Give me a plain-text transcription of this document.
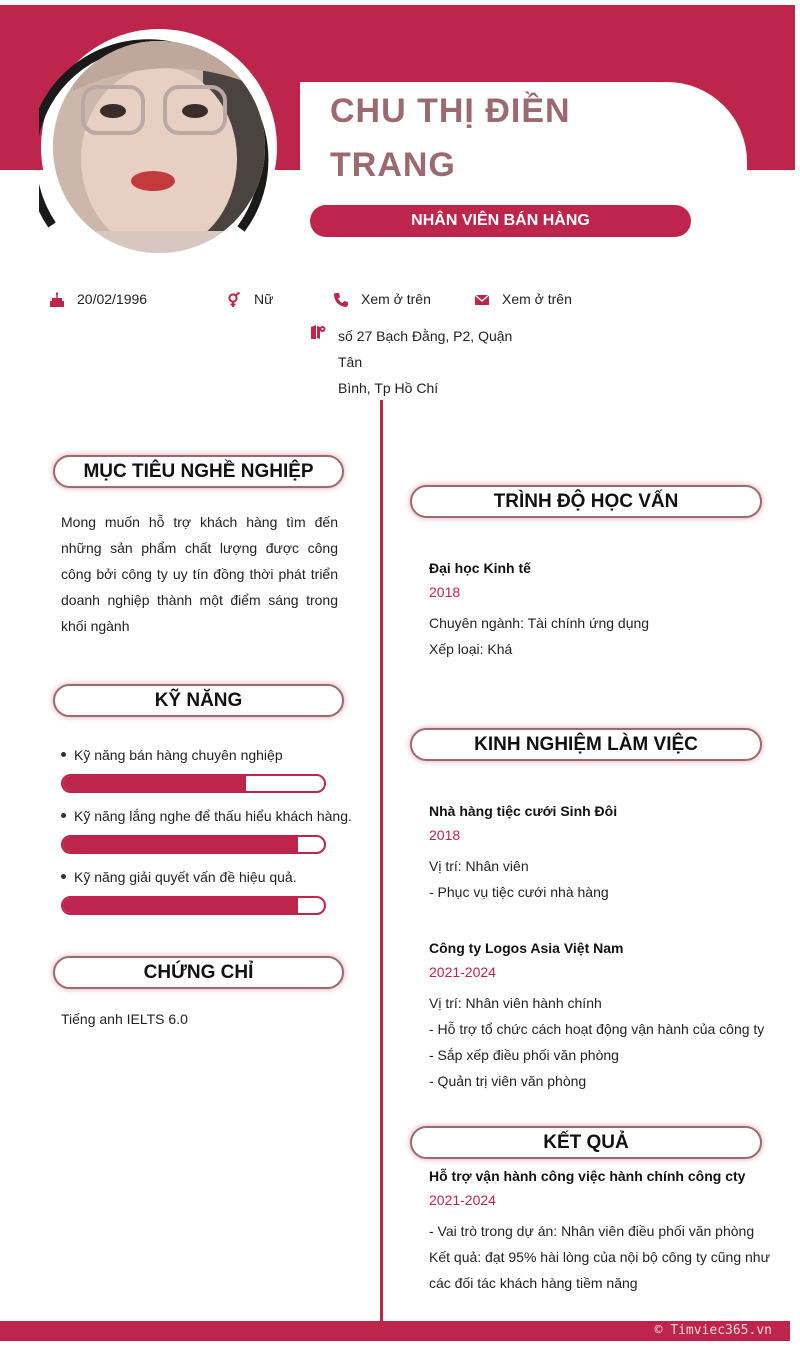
CHU THỊ ĐIỀN
TRANG
NHÂN VIÊN BÁN HÀNG
20/02/1996	Nữ	Xem ở trên	Xem ở trên
số 27 Bạch Đằng, P2, Quận Tân
Bình, Tp Hồ Chí
MỤC TIÊU NGHỀ NGHIỆP
Mong muốn hỗ trợ khách hàng tìm đến những sản phẩm chất lượng được công công bởi công ty uy tín đồng thời phát triển doanh nghiệp thành một điểm sáng trong khối ngành
KỸ NĂNG
Kỹ năng bán hàng chuyên nghiệp
Kỹ năng lắng nghe để thấu hiểu khách hàng.
Kỹ năng giải quyết vấn đề hiệu quả.
CHỨNG CHỈ
Tiếng anh IELTS 6.0
TRÌNH ĐỘ HỌC VẤN
Đại học Kinh tế
2018
Chuyên ngành: Tài chính ứng dụng
Xếp loại: Khá
KINH NGHIỆM LÀM VIỆC
Nhà hàng tiệc cưới Sinh Đôi
2018
Vị trí: Nhân viên
- Phục vụ tiệc cưới nhà hàng
Công ty Logos Asia Việt Nam
2021-2024
Vị trí: Nhân viên hành chính
- Hỗ trợ tổ chức cách hoạt động vận hành của công ty
- Sắp xếp điều phối văn phòng
- Quản trị viên văn phòng
KẾT QUẢ
Hỗ trợ vận hành công việc hành chính công cty
2021-2024
- Vai trò trong dự án: Nhân viên điều phối văn phòng
Kết quả: đạt 95% hài lòng của nội bộ công ty cũng như
các đối tác khách hàng tiềm năng
© Timviec365.vn
